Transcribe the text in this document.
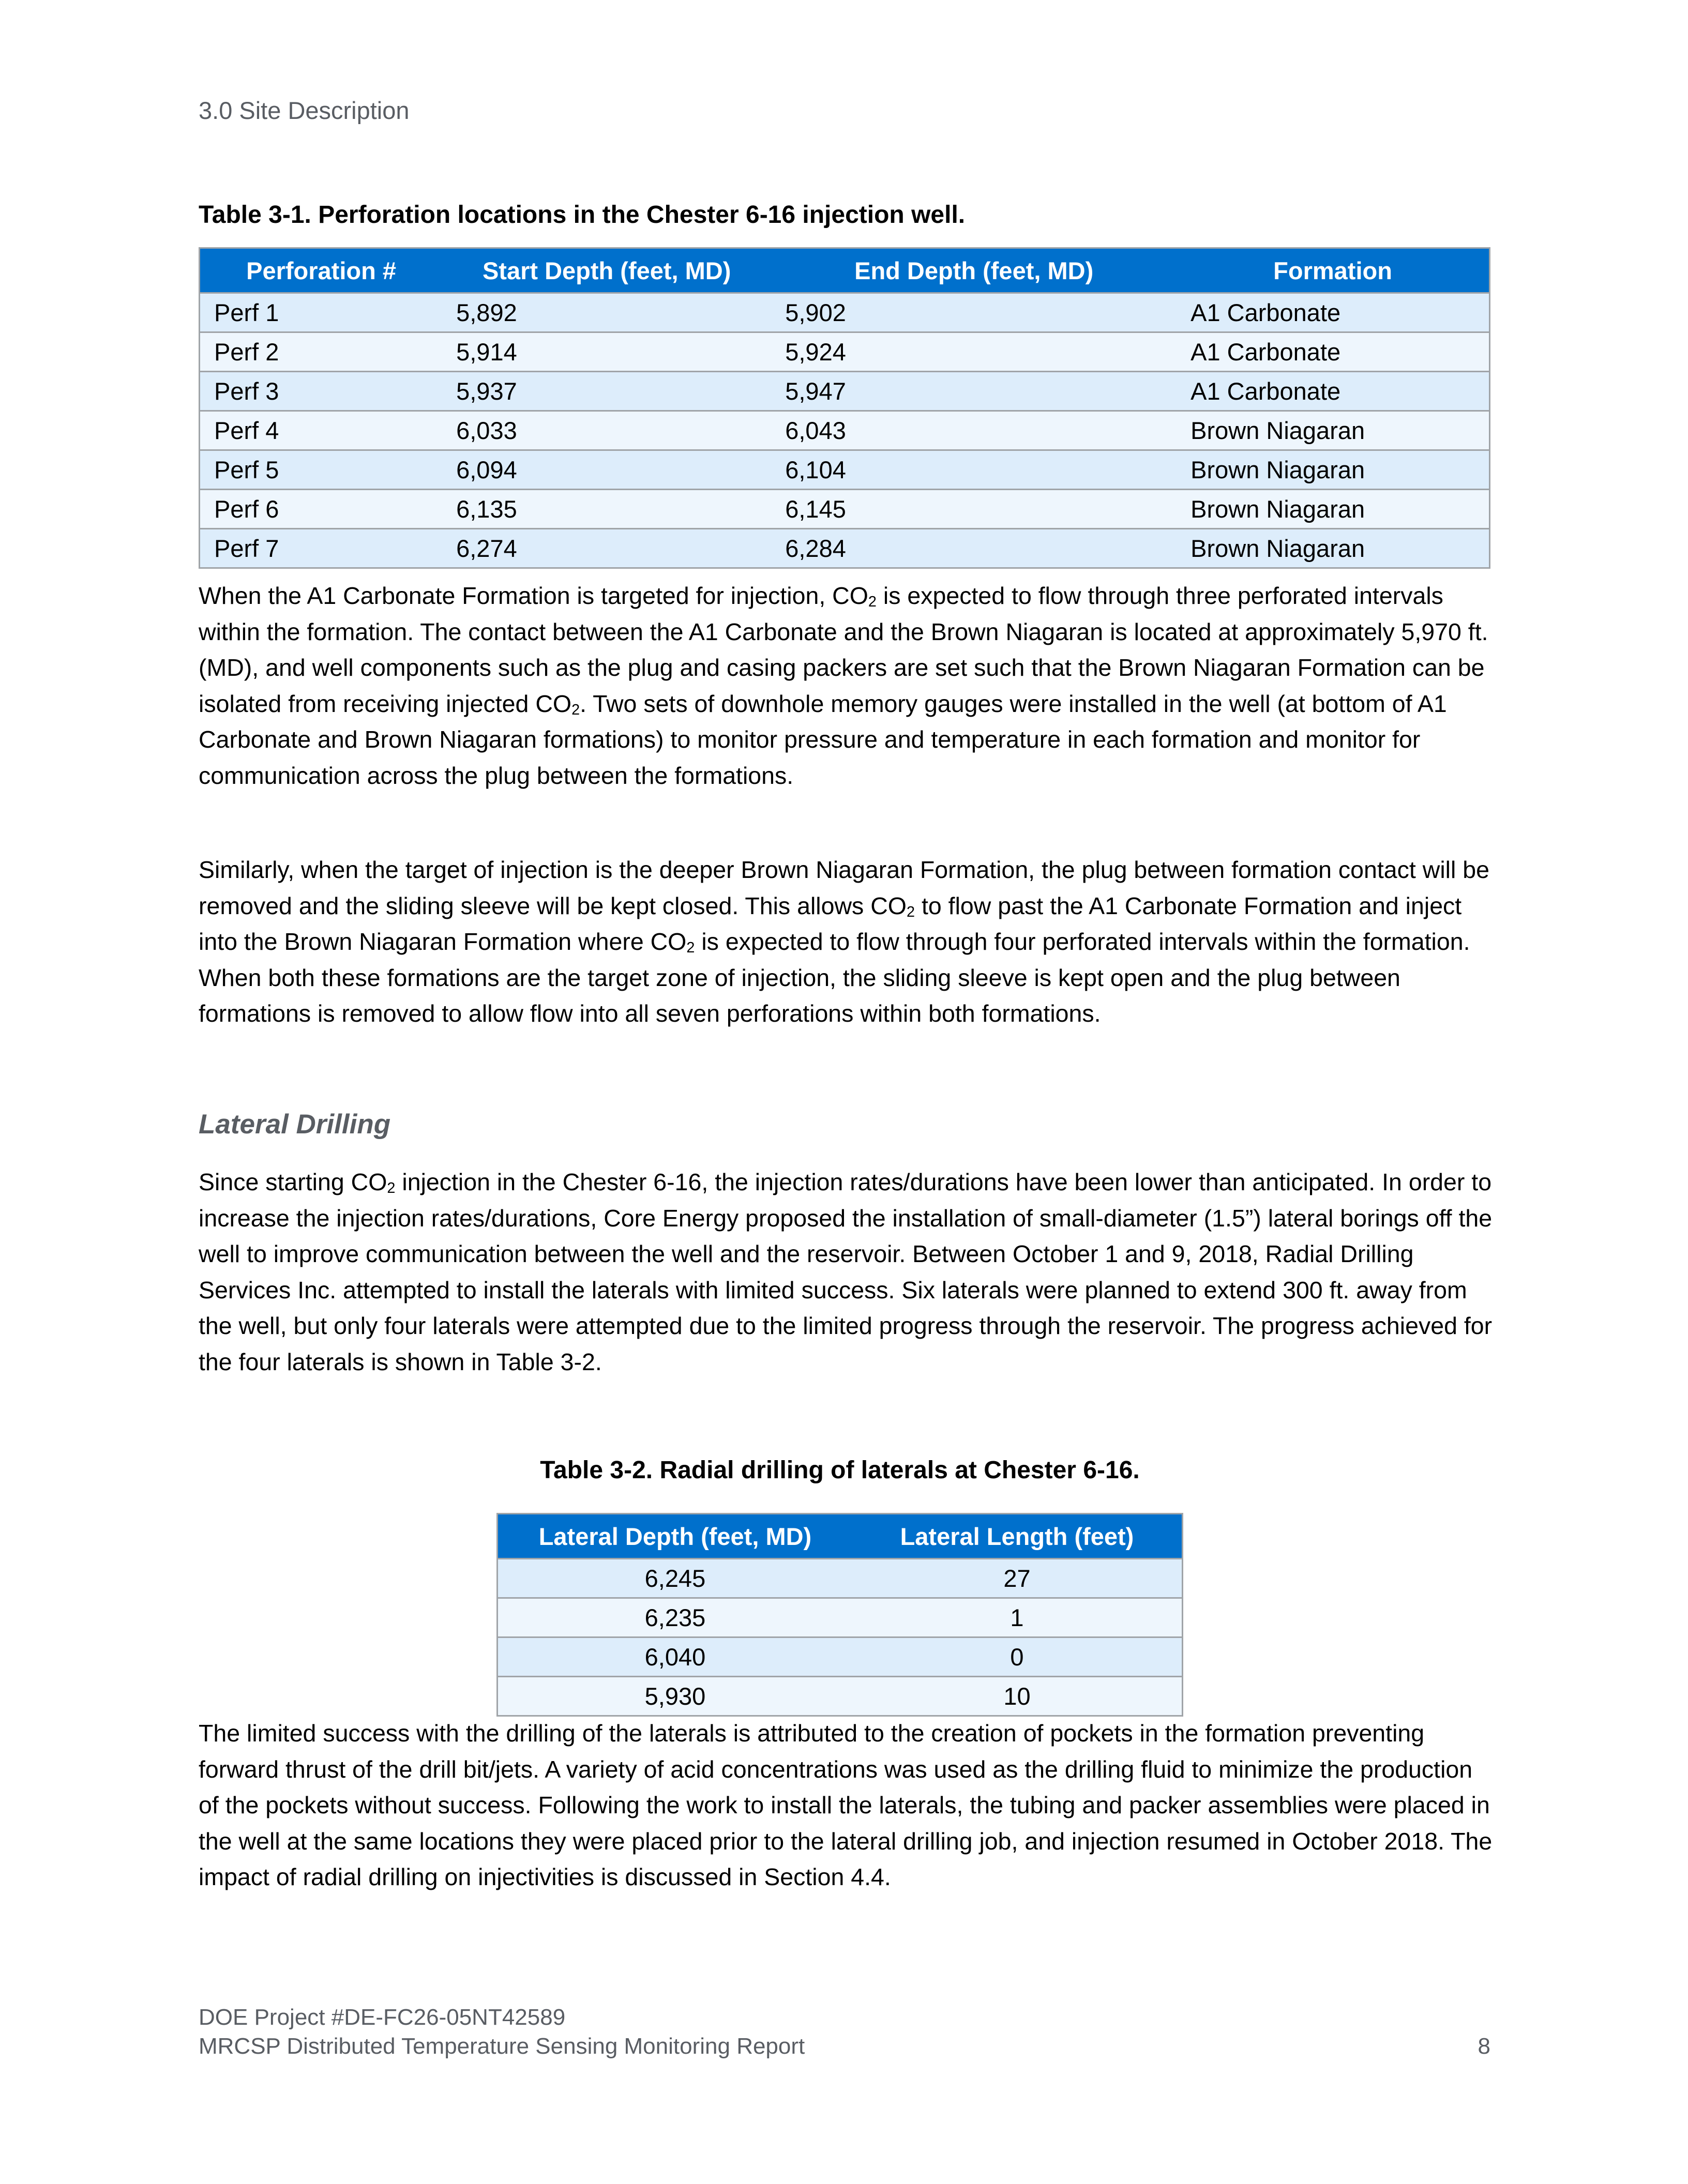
3.0 Site Description
Table 3-1. Perforation locations in the Chester 6-16 injection well.
Perforation #	Start Depth (feet, MD)	End Depth (feet, MD)	Formation
Perf 1	5,892	5,902	A1 Carbonate
Perf 2	5,914	5,924	A1 Carbonate
Perf 3	5,937	5,947	A1 Carbonate
Perf 4	6,033	6,043	Brown Niagaran
Perf 5	6,094	6,104	Brown Niagaran
Perf 6	6,135	6,145	Brown Niagaran
Perf 7	6,274	6,284	Brown Niagaran
When the A1 Carbonate Formation is targeted for injection, $CO_2$ is expected to flow through three perforated intervals within the formation. The contact between the A1 Carbonate and the Brown Niagaran is located at approximately 5,970 ft. (MD), and well components such as the plug and casing packers are set such that the Brown Niagaran Formation can be isolated from receiving injected $CO_2$. Two sets of downhole memory gauges were installed in the well (at bottom of A1 Carbonate and Brown Niagaran formations) to monitor pressure and temperature in each formation and monitor for communication across the plug between the formations.
Similarly, when the target of injection is the deeper Brown Niagaran Formation, the plug between formation contact will be removed and the sliding sleeve will be kept closed. This allows $CO_2$ to flow past the A1 Carbonate Formation and inject into the Brown Niagaran Formation where $CO_2$ is expected to flow through four perforated intervals within the formation. When both these formations are the target zone of injection, the sliding sleeve is kept open and the plug between formations is removed to allow flow into all seven perforations within both formations.
Lateral Drilling
Since starting $CO_2$ injection in the Chester 6-16, the injection rates/durations have been lower than anticipated. In order to increase the injection rates/durations, Core Energy proposed the installation of small-diameter (1.5”) lateral borings off the well to improve communication between the well and the reservoir. Between October 1 and 9, 2018, Radial Drilling Services Inc. attempted to install the laterals with limited success. Six laterals were planned to extend 300 ft. away from the well, but only four laterals were attempted due to the limited progress through the reservoir. The progress achieved for the four laterals is shown in Table 3-2.
Table 3-2. Radial drilling of laterals at Chester 6-16.
Lateral Depth (feet, MD)	Lateral Length (feet)
6,245	27
6,235	1
6,040	0
5,930	10
The limited success with the drilling of the laterals is attributed to the creation of pockets in the formation preventing forward thrust of the drill bit/jets. A variety of acid concentrations was used as the drilling fluid to minimize the production of the pockets without success. Following the work to install the laterals, the tubing and packer assemblies were placed in the well at the same locations they were placed prior to the lateral drilling job, and injection resumed in October 2018. The impact of radial drilling on injectivities is discussed in Section 4.4.
DOE Project #DE-FC26-05NT42589
MRCSP Distributed Temperature Sensing Monitoring Report	8
